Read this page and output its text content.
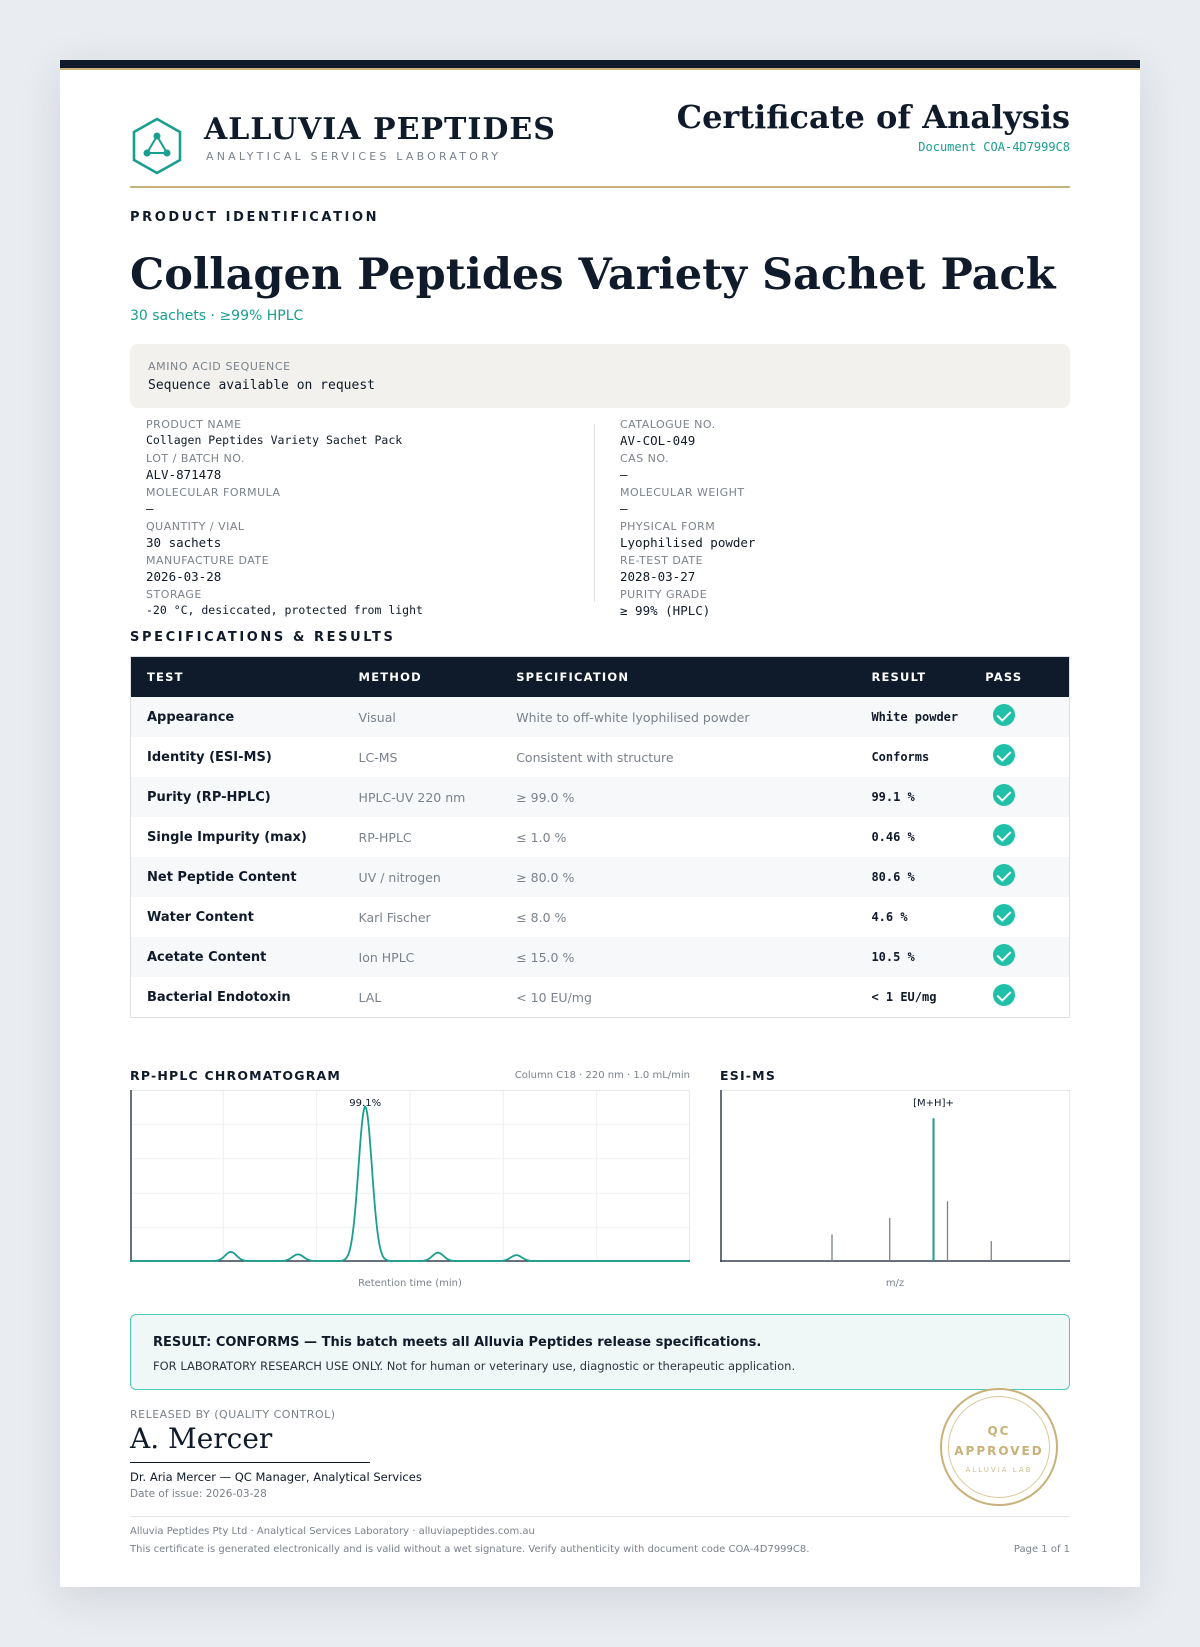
ALLUVIA PEPTIDES
ANALYTICAL SERVICES LABORATORY
Certificate of Analysis
Document COA-4D7999C8
PRODUCT IDENTIFICATION
Collagen Peptides Variety Sachet Pack
30 sachets · ≥99% HPLC
AMINO ACID SEQUENCE
Sequence available on request
PRODUCT NAME
Collagen Peptides Variety Sachet Pack
LOT / BATCH NO.
ALV-871478
MOLECULAR FORMULA
—
QUANTITY / VIAL
30 sachets
MANUFACTURE DATE
2026-03-28
STORAGE
-20 °C, desiccated, protected from light
CATALOGUE NO.
AV-COL-049
CAS NO.
—
MOLECULAR WEIGHT
—
PHYSICAL FORM
Lyophilised powder
RE-TEST DATE
2028-03-27
PURITY GRADE
≥ 99% (HPLC)
SPECIFICATIONS & RESULTS
TEST	METHOD	SPECIFICATION	RESULT	PASS
Appearance	Visual	White to off-white lyophilised powder	White powder
Identity (ESI-MS)	LC-MS	Consistent with structure	Conforms
Purity (RP-HPLC)	HPLC-UV 220 nm	≥ 99.0 %	99.1 %
Single Impurity (max)	RP-HPLC	≤ 1.0 %	0.46 %
Net Peptide Content	UV / nitrogen	≥ 80.0 %	80.6 %
Water Content	Karl Fischer	≤ 8.0 %	4.6 %
Acetate Content	Ion HPLC	≤ 15.0 %	10.5 %
Bacterial Endotoxin	LAL	< 10 EU/mg	< 1 EU/mg
RP-HPLC CHROMATOGRAM	Column C18 · 220 nm · 1.0 mL/min
99.1%
Retention time (min)
ESI-MS
[M+H]+
m/z
RESULT: CONFORMS — This batch meets all Alluvia Peptides release specifications.
FOR LABORATORY RESEARCH USE ONLY. Not for human or veterinary use, diagnostic or therapeutic application.
RELEASED BY (QUALITY CONTROL)
A. Mercer
Dr. Aria Mercer — QC Manager, Analytical Services
Date of issue: 2026-03-28
QC
APPROVED
ALLUVIA LAB
Alluvia Peptides Pty Ltd · Analytical Services Laboratory · alluviapeptides.com.au
This certificate is generated electronically and is valid without a wet signature. Verify authenticity with document code COA-4D7999C8.	Page 1 of 1
